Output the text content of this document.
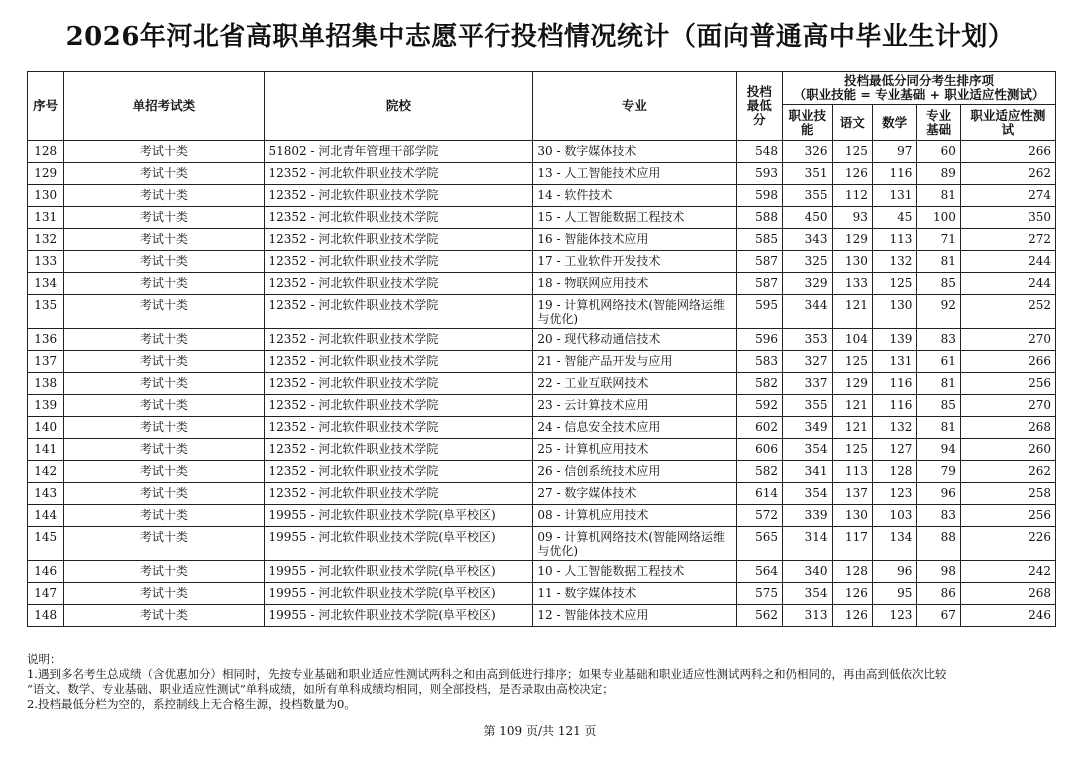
2026年河北省高职单招集中志愿平行投档情况统计（面向普通高中毕业生计划）
序号	单招考试类	院校	专业	投档最低分	投档最低分同分考生排序项
（职业技能 = 专业基础 + 职业适应性测试）				

					职业技能	语文	数学	专业基础	职业适应性测试
128	考试十类	51802 - 河北青年管理干部学院	30 - 数字媒体技术	548	326	125	97	60	266
129	考试十类	12352 - 河北软件职业技术学院	13 - 人工智能技术应用	593	351	126	116	89	262
130	考试十类	12352 - 河北软件职业技术学院	14 - 软件技术	598	355	112	131	81	274
131	考试十类	12352 - 河北软件职业技术学院	15 - 人工智能数据工程技术	588	450	93	45	100	350
132	考试十类	12352 - 河北软件职业技术学院	16 - 智能体技术应用	585	343	129	113	71	272
133	考试十类	12352 - 河北软件职业技术学院	17 - 工业软件开发技术	587	325	130	132	81	244
134	考试十类	12352 - 河北软件职业技术学院	18 - 物联网应用技术	587	329	133	125	85	244
135	考试十类	12352 - 河北软件职业技术学院	19 - 计算机网络技术(智能网络运维与优化)	595	344	121	130	92	252
136	考试十类	12352 - 河北软件职业技术学院	20 - 现代移动通信技术	596	353	104	139	83	270
137	考试十类	12352 - 河北软件职业技术学院	21 - 智能产品开发与应用	583	327	125	131	61	266
138	考试十类	12352 - 河北软件职业技术学院	22 - 工业互联网技术	582	337	129	116	81	256
139	考试十类	12352 - 河北软件职业技术学院	23 - 云计算技术应用	592	355	121	116	85	270
140	考试十类	12352 - 河北软件职业技术学院	24 - 信息安全技术应用	602	349	121	132	81	268
141	考试十类	12352 - 河北软件职业技术学院	25 - 计算机应用技术	606	354	125	127	94	260
142	考试十类	12352 - 河北软件职业技术学院	26 - 信创系统技术应用	582	341	113	128	79	262
143	考试十类	12352 - 河北软件职业技术学院	27 - 数字媒体技术	614	354	137	123	96	258
144	考试十类	19955 - 河北软件职业技术学院(阜平校区)	08 - 计算机应用技术	572	339	130	103	83	256
145	考试十类	19955 - 河北软件职业技术学院(阜平校区)	09 - 计算机网络技术(智能网络运维与优化)	565	314	117	134	88	226
146	考试十类	19955 - 河北软件职业技术学院(阜平校区)	10 - 人工智能数据工程技术	564	340	128	96	98	242
147	考试十类	19955 - 河北软件职业技术学院(阜平校区)	11 - 数字媒体技术	575	354	126	95	86	268
148	考试十类	19955 - 河北软件职业技术学院(阜平校区)	12 - 智能体技术应用	562	313	126	123	67	246
说明：
1.遇到多名考生总成绩（含优惠加分）相同时，先按专业基础和职业适应性测试两科之和由高到低进行排序；如果专业基础和职业适应性测试两科之和仍相同的，再由高到低依次比较
“语文、数学、专业基础、职业适应性测试”单科成绩，如所有单科成绩均相同，则全部投档，是否录取由高校决定；
2.投档最低分栏为空的，系控制线上无合格生源，投档数量为0。
第 109 页/共 121 页
